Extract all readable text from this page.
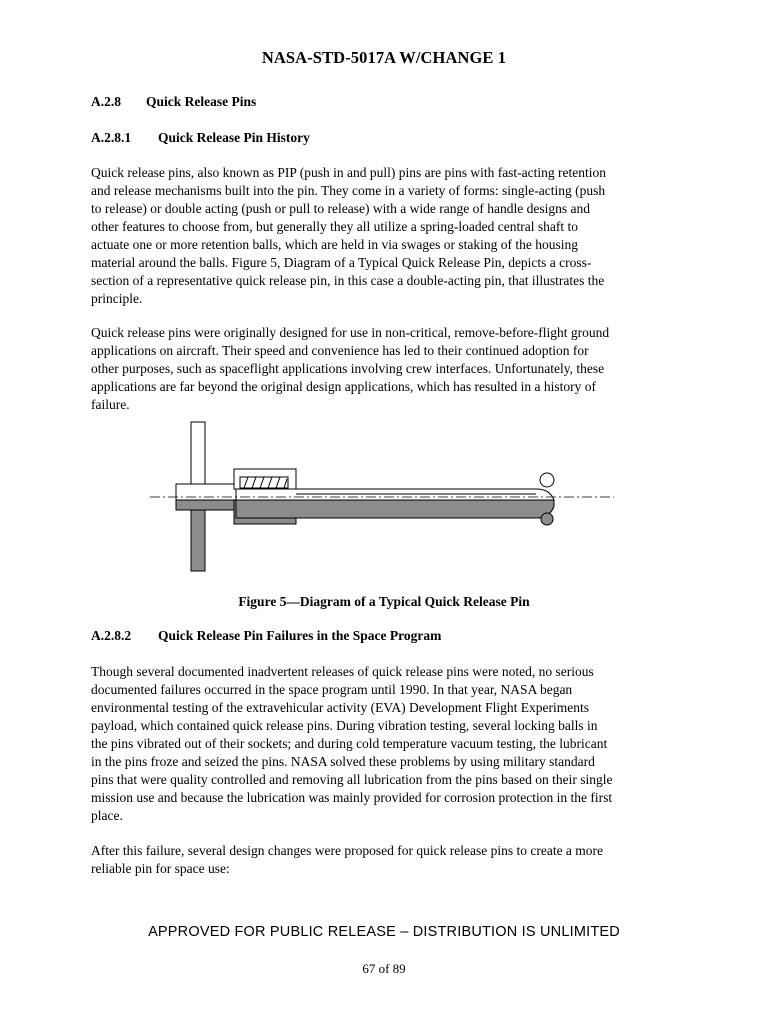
NASA-STD-5017A W/CHANGE 1
A.2.8 Quick Release Pins
A.2.8.1 Quick Release Pin History
Quick release pins, also known as PIP (push in and pull) pins are pins with fast-acting retention
and release mechanisms built into the pin. They come in a variety of forms: single-acting (push
to release) or double acting (push or pull to release) with a wide range of handle designs and
other features to choose from, but generally they all utilize a spring-loaded central shaft to
actuate one or more retention balls, which are held in via swages or staking of the housing
material around the balls. Figure 5, Diagram of a Typical Quick Release Pin, depicts a cross-
section of a representative quick release pin, in this case a double-acting pin, that illustrates the
principle.
Quick release pins were originally designed for use in non-critical, remove-before-flight ground
applications on aircraft. Their speed and convenience has led to their continued adoption for
other purposes, such as spaceflight applications involving crew interfaces. Unfortunately, these
applications are far beyond the original design applications, which has resulted in a history of
failure.
Figure 5—Diagram of a Typical Quick Release Pin
A.2.8.2 Quick Release Pin Failures in the Space Program
Though several documented inadvertent releases of quick release pins were noted, no serious
documented failures occurred in the space program until 1990. In that year, NASA began
environmental testing of the extravehicular activity (EVA) Development Flight Experiments
payload, which contained quick release pins. During vibration testing, several locking balls in
the pins vibrated out of their sockets; and during cold temperature vacuum testing, the lubricant
in the pins froze and seized the pins. NASA solved these problems by using military standard
pins that were quality controlled and removing all lubrication from the pins based on their single
mission use and because the lubrication was mainly provided for corrosion protection in the first
place.
After this failure, several design changes were proposed for quick release pins to create a more
reliable pin for space use:
APPROVED FOR PUBLIC RELEASE – DISTRIBUTION IS UNLIMITED
67 of 89
